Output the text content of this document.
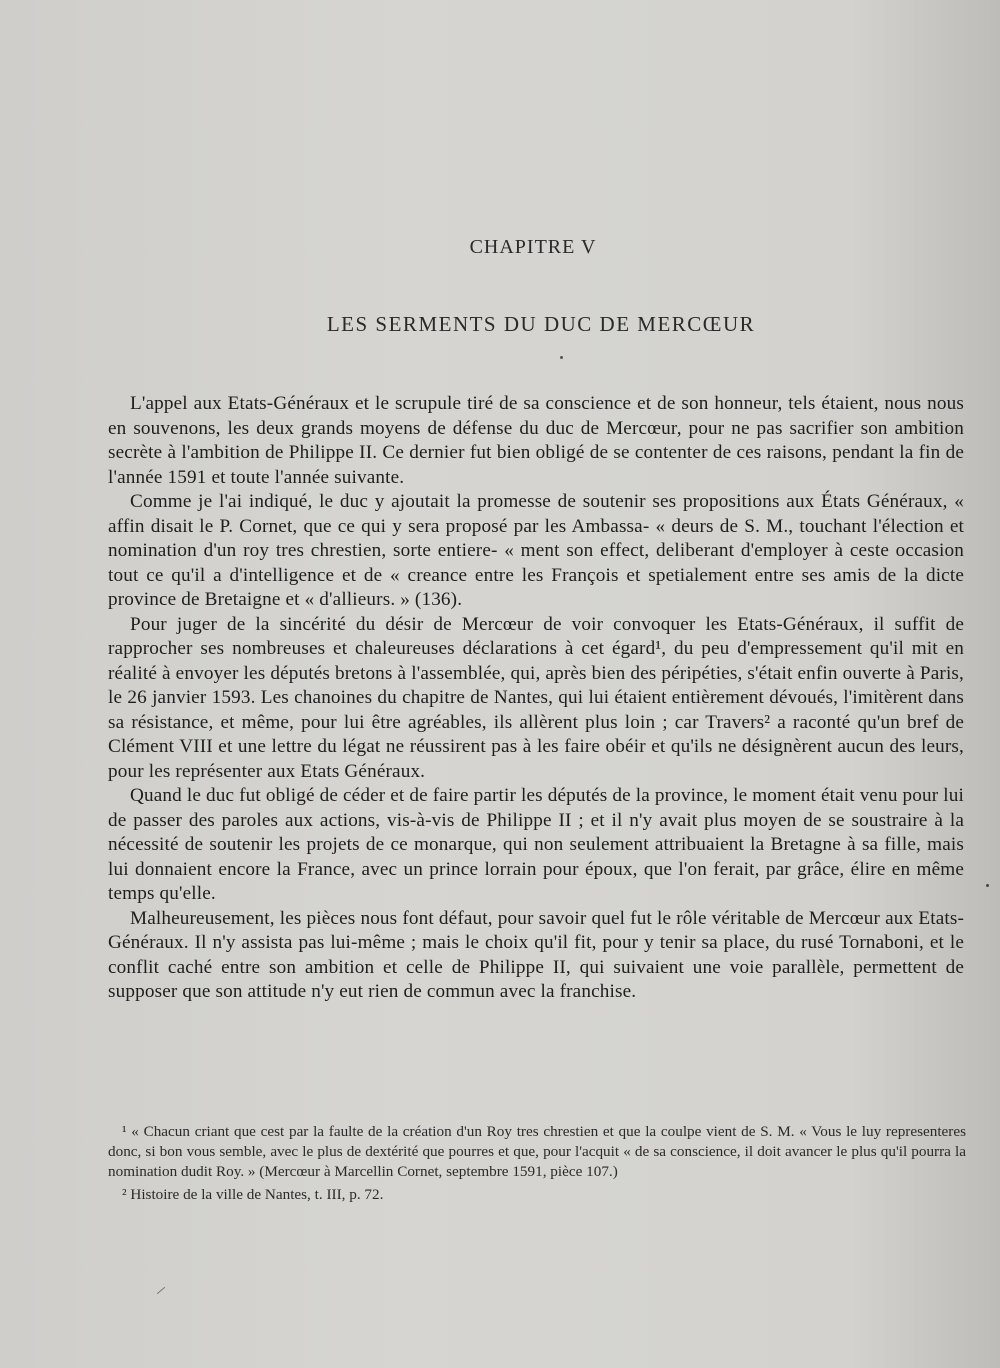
CHAPITRE V
LES SERMENTS DU DUC DE MERCŒUR

L'appel aux Etats-Généraux et le scrupule tiré de sa conscience et de son honneur, tels étaient, nous nous en souvenons, les deux grands moyens de défense du duc de Mercœur, pour ne pas sacrifier son ambition secrète à l'ambition de Philippe II. Ce dernier fut bien obligé de se contenter de ces raisons, pendant la fin de l'année 1591 et toute l'année suivante.

Comme je l'ai indiqué, le duc y ajoutait la promesse de soutenir ses propositions aux États Généraux, « affin disait le P. Cornet, que ce qui y sera proposé par les Ambassa- « deurs de S. M., touchant l'élection et nomination d'un roy tres chrestien, sorte entiere- « ment son effect, deliberant d'employer à ceste occasion tout ce qu'il a d'intelligence et de « creance entre les François et spetialement entre ses amis de la dicte province de Bretaigne et « d'allieurs. » (136).

Pour juger de la sincérité du désir de Mercœur de voir convoquer les Etats-Généraux, il suffit de rapprocher ses nombreuses et chaleureuses déclarations à cet égard¹, du peu d'empressement qu'il mit en réalité à envoyer les députés bretons à l'assemblée, qui, après bien des péripéties, s'était enfin ouverte à Paris, le 26 janvier 1593. Les chanoines du chapitre de Nantes, qui lui étaient entièrement dévoués, l'imitèrent dans sa résistance, et même, pour lui être agréables, ils allèrent plus loin ; car Travers² a raconté qu'un bref de Clément VIII et une lettre du légat ne réussirent pas à les faire obéir et qu'ils ne désignèrent aucun des leurs, pour les représenter aux Etats Généraux.

Quand le duc fut obligé de céder et de faire partir les députés de la province, le moment était venu pour lui de passer des paroles aux actions, vis-à-vis de Philippe II ; et il n'y avait plus moyen de se soustraire à la nécessité de soutenir les projets de ce monarque, qui non seulement attribuaient la Bretagne à sa fille, mais lui donnaient encore la France, avec un prince lorrain pour époux, que l'on ferait, par grâce, élire en même temps qu'elle.

Malheureusement, les pièces nous font défaut, pour savoir quel fut le rôle véritable de Mercœur aux Etats-Généraux. Il n'y assista pas lui-même ; mais le choix qu'il fit, pour y tenir sa place, du rusé Tornaboni, et le conflit caché entre son ambition et celle de Philippe II, qui suivaient une voie parallèle, permettent de supposer que son attitude n'y eut rien de commun avec la franchise.

¹ « Chacun criant que cest par la faulte de la création d'un Roy tres chrestien et que la coulpe vient de S. M. « Vous le luy representeres donc, si bon vous semble, avec le plus de dextérité que pourres et que, pour l'acquit « de sa conscience, il doit avancer le plus qu'il pourra la nomination dudit Roy. » (Mercœur à Marcellin Cornet, septembre 1591, pièce 107.)

² Histoire de la ville de Nantes, t. III, p. 72.
